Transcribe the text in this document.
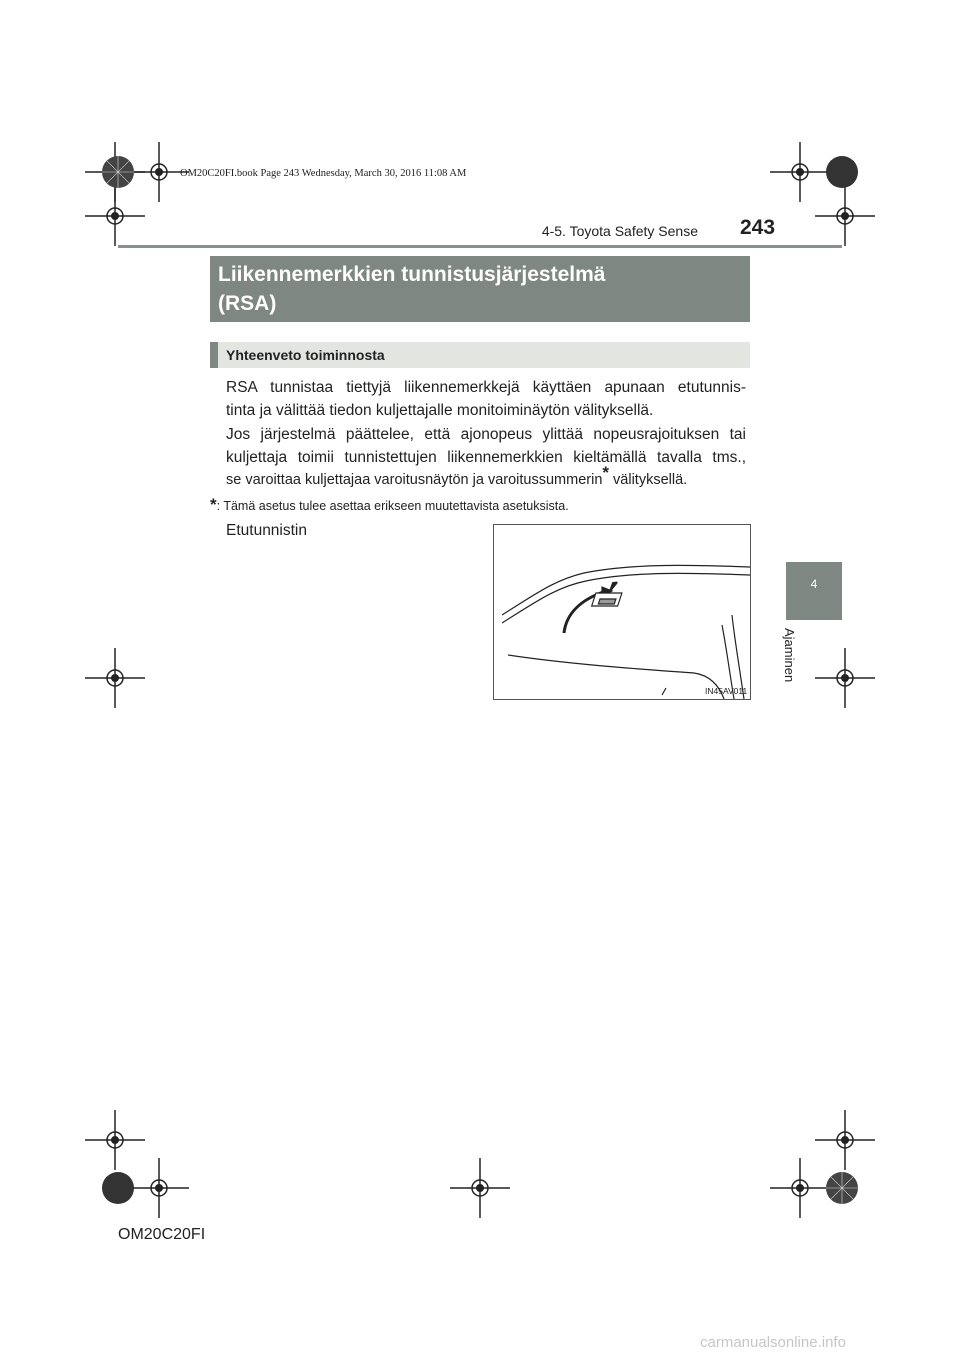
OM20C20FI.book Page 243 Wednesday, March 30, 2016 11:08 AM
4-5. Toyota Safety Sense 243
4
Ajaminen
Liikennemerkkien tunnistusjärjestelmä
(RSA)
Yhteenveto toiminnosta
RSA tunnistaa tiettyjä liikennemerkkejä käyttäen apunaan etutunnis-
tinta ja välittää tiedon kuljettajalle monitoiminäytön välityksellä.
Jos järjestelmä päättelee, että ajonopeus ylittää nopeusrajoituksen tai
kuljettaja toimii tunnistettujen liikennemerkkien kieltämällä tavalla tms.,
se varoittaa kuljettajaa varoitusnäytön ja varoitussummerin* välityksellä.
*: Tämä asetus tulee asettaa erikseen muutettavista asetuksista.
Etutunnistin
IN45AV011
OM20C20FI
carmanualsonline.info
